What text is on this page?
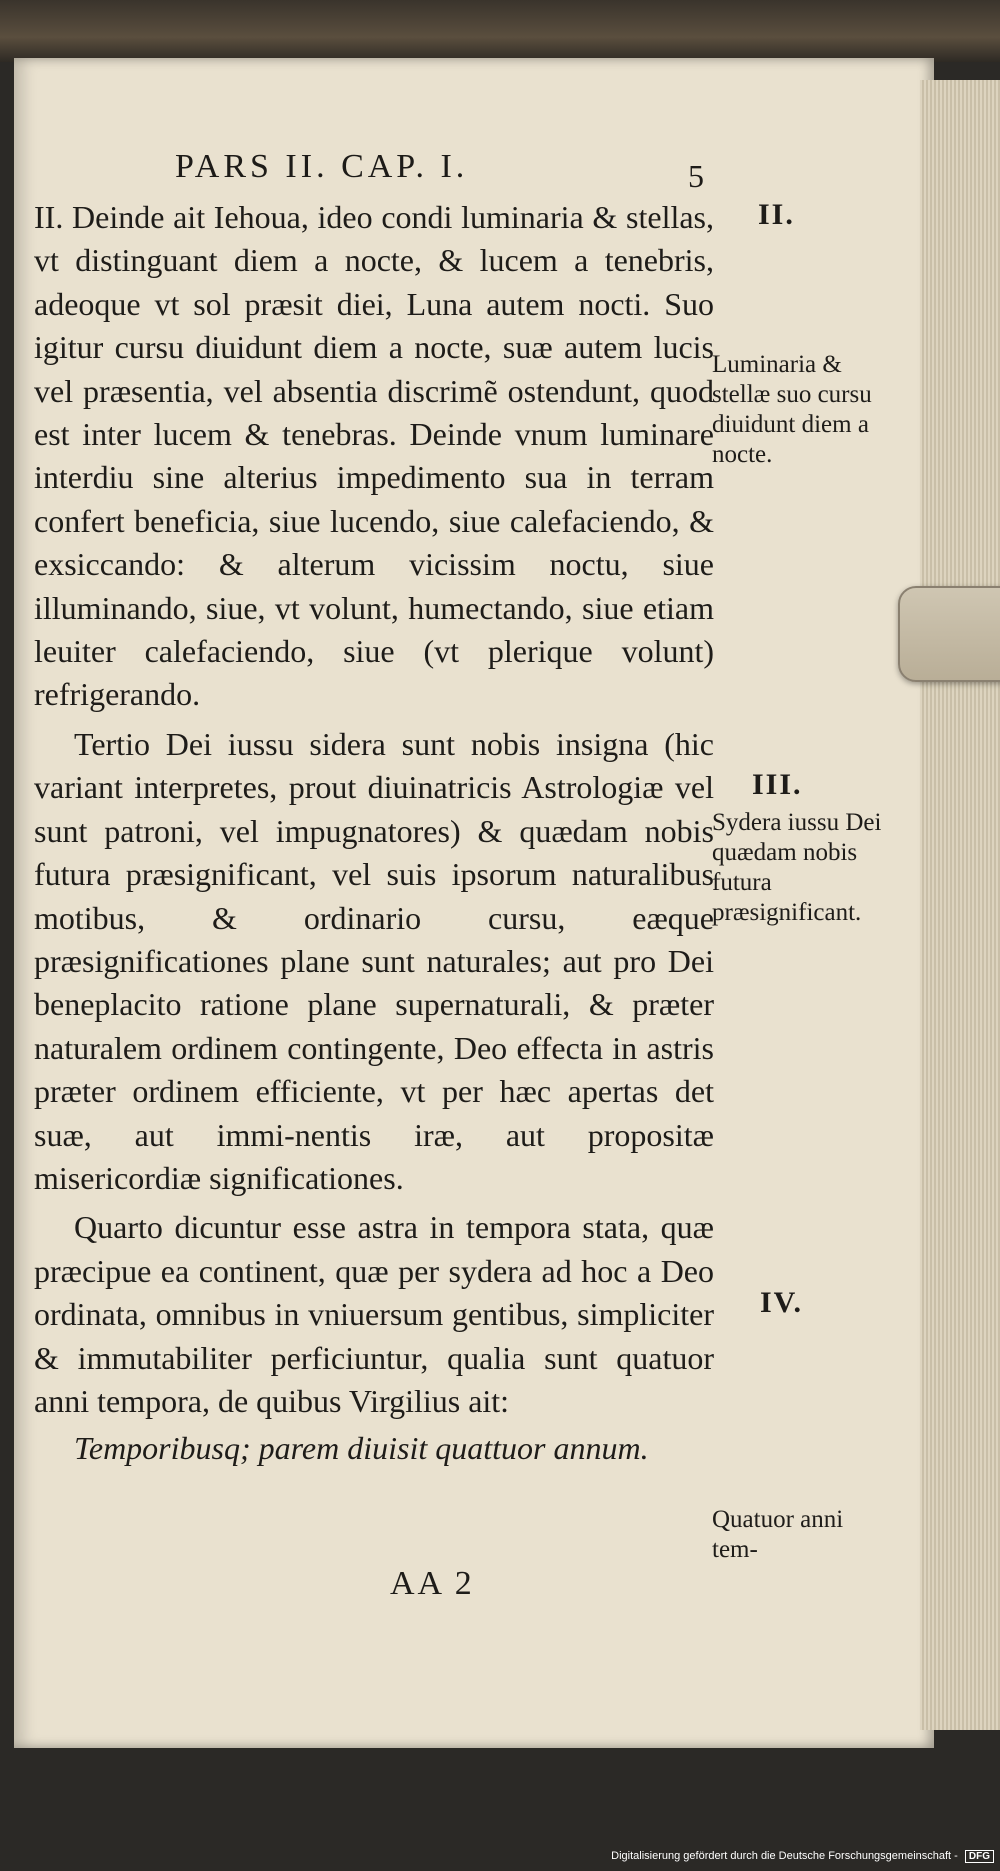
PARS II. CAP. I.	5

II. Deinde ait Iehoua, ideo condi luminaria & stellas, vt distinguant diem a nocte, & lucem a tenebris, adeoque vt sol præsit diei, Luna autem nocti. Suo igitur cursu diuidunt diem a nocte, suæ autem lucis vel præsentia, vel absentia discrimẽ ostendunt, quod est inter lucem & tenebras. Deinde vnum luminare interdiu sine alterius impedimento sua in terram confert beneficia, siue lucendo, siue calefaciendo, & exsiccando: & alterum vicissim noctu, siue illuminando, siue, vt volunt, humectando, siue etiam leuiter calefaciendo, siue (vt plerique volunt) refrigerando.

Tertio Dei iussu sidera sunt nobis insigna (hic variant interpretes, prout diuinatricis Astrologiæ vel sunt patroni, vel impugnatores) & quædam nobis futura præsignificant, vel suis ipsorum naturalibus motibus, & ordinario cursu, eæque præsignificationes plane sunt naturales; aut pro Dei beneplacito ratione plane supernaturali, & præter naturalem ordinem contingente, Deo effecta in astris præter ordinem efficiente, vt per hæc apertas det suæ, aut immi-nentis iræ, aut propositæ misericordiæ significationes.

Quarto dicuntur esse astra in tempora stata, quæ præcipue ea continent, quæ per sydera ad hoc a Deo ordinata, omnibus in vniuersum gentibus, simpliciter & immutabiliter perficiuntur, qualia sunt quatuor anni tempora, de quibus Virgilius ait:

Temporibusq; parem diuisit quattuor annum.

II.
Luminaria & stellæ suo cursu diuidunt diem a nocte.
III.
Sydera iussu Dei quædam nobis futura præsignificant.
IV.
Quatuor anni tem-
AA 2
Digitalisierung gefördert durch die Deutsche Forschungsgemeinschaft - DFG
